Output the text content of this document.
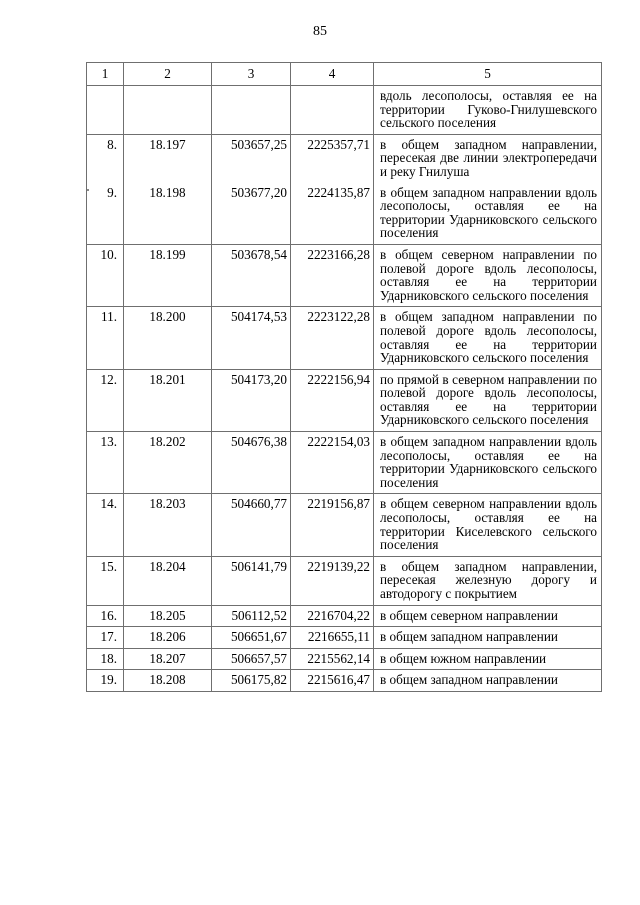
85
1	2	3	4	5
				вдоль лесополосы, оставляя ее на территории Гуково-Гнилушевского сельского поселения
8.	18.197	503657,25	2225357,71	в общем западном направлении, пересекая две линии электропередачи и реку Гнилуша
9.	18.198	503677,20	2224135,87	в общем западном направлении вдоль лесополосы, оставляя ее на территории Ударниковского сельского поселения
10.	18.199	503678,54	2223166,28	в общем северном направлении по полевой дороге вдоль лесополосы, оставляя ее на территории Ударниковского сельского поселения
11.	18.200	504174,53	2223122,28	в общем западном направлении по полевой дороге вдоль лесополосы, оставляя ее на территории Ударниковского сельского поселения
12.	18.201	504173,20	2222156,94	по прямой в северном направлении по полевой дороге вдоль лесополосы, оставляя ее на территории Ударниковского сельского поселения
13.	18.202	504676,38	2222154,03	в общем западном направлении вдоль лесополосы, оставляя ее на территории Ударниковского сельского поселения
14.	18.203	504660,77	2219156,87	в общем северном направлении вдоль лесополосы, оставляя ее на территории Киселевского сельского поселения
15.	18.204	506141,79	2219139,22	в общем западном направлении, пересекая железную дорогу и автодорогу с покрытием
16.	18.205	506112,52	2216704,22	в общем северном направлении
17.	18.206	506651,67	2216655,11	в общем западном направлении
18.	18.207	506657,57	2215562,14	в общем южном направлении
19.	18.208	506175,82	2215616,47	в общем западном направлении
